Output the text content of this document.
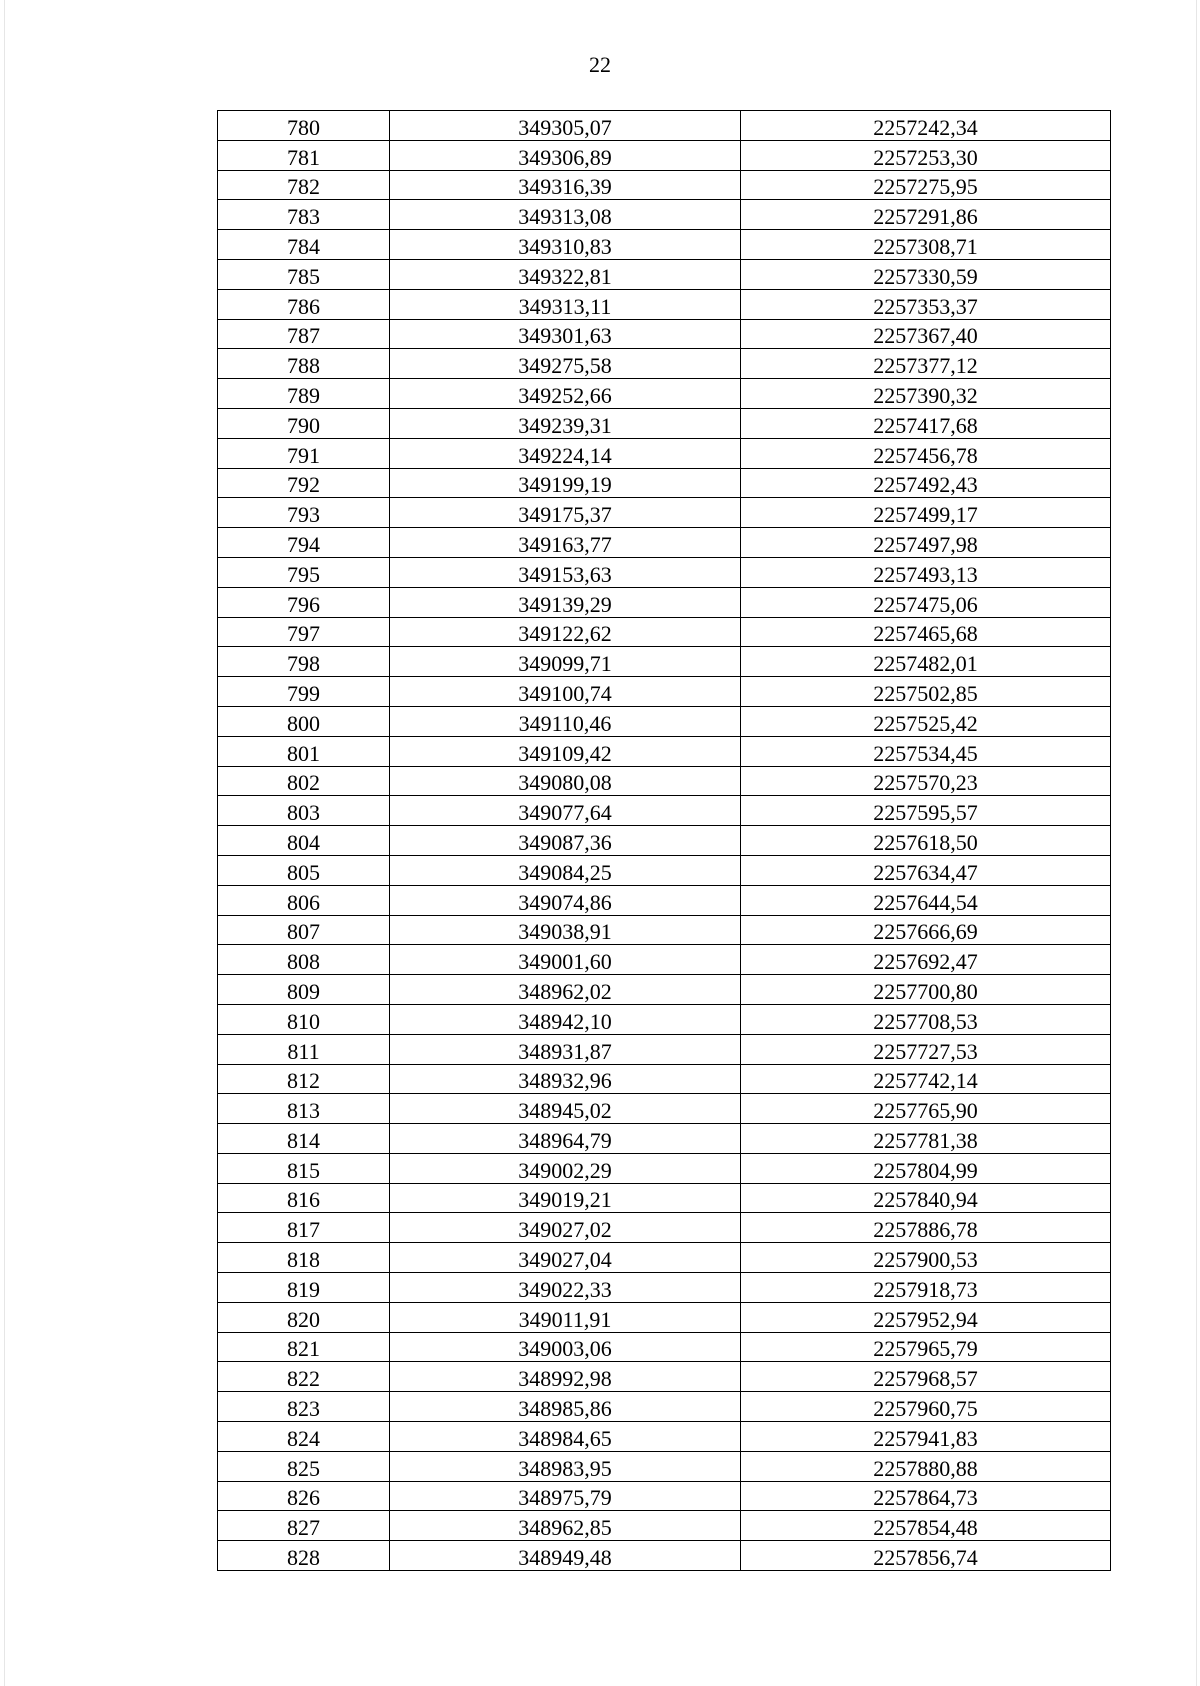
22
780	349305,07	2257242,34
781	349306,89	2257253,30
782	349316,39	2257275,95
783	349313,08	2257291,86
784	349310,83	2257308,71
785	349322,81	2257330,59
786	349313,11	2257353,37
787	349301,63	2257367,40
788	349275,58	2257377,12
789	349252,66	2257390,32
790	349239,31	2257417,68
791	349224,14	2257456,78
792	349199,19	2257492,43
793	349175,37	2257499,17
794	349163,77	2257497,98
795	349153,63	2257493,13
796	349139,29	2257475,06
797	349122,62	2257465,68
798	349099,71	2257482,01
799	349100,74	2257502,85
800	349110,46	2257525,42
801	349109,42	2257534,45
802	349080,08	2257570,23
803	349077,64	2257595,57
804	349087,36	2257618,50
805	349084,25	2257634,47
806	349074,86	2257644,54
807	349038,91	2257666,69
808	349001,60	2257692,47
809	348962,02	2257700,80
810	348942,10	2257708,53
811	348931,87	2257727,53
812	348932,96	2257742,14
813	348945,02	2257765,90
814	348964,79	2257781,38
815	349002,29	2257804,99
816	349019,21	2257840,94
817	349027,02	2257886,78
818	349027,04	2257900,53
819	349022,33	2257918,73
820	349011,91	2257952,94
821	349003,06	2257965,79
822	348992,98	2257968,57
823	348985,86	2257960,75
824	348984,65	2257941,83
825	348983,95	2257880,88
826	348975,79	2257864,73
827	348962,85	2257854,48
828	348949,48	2257856,74
